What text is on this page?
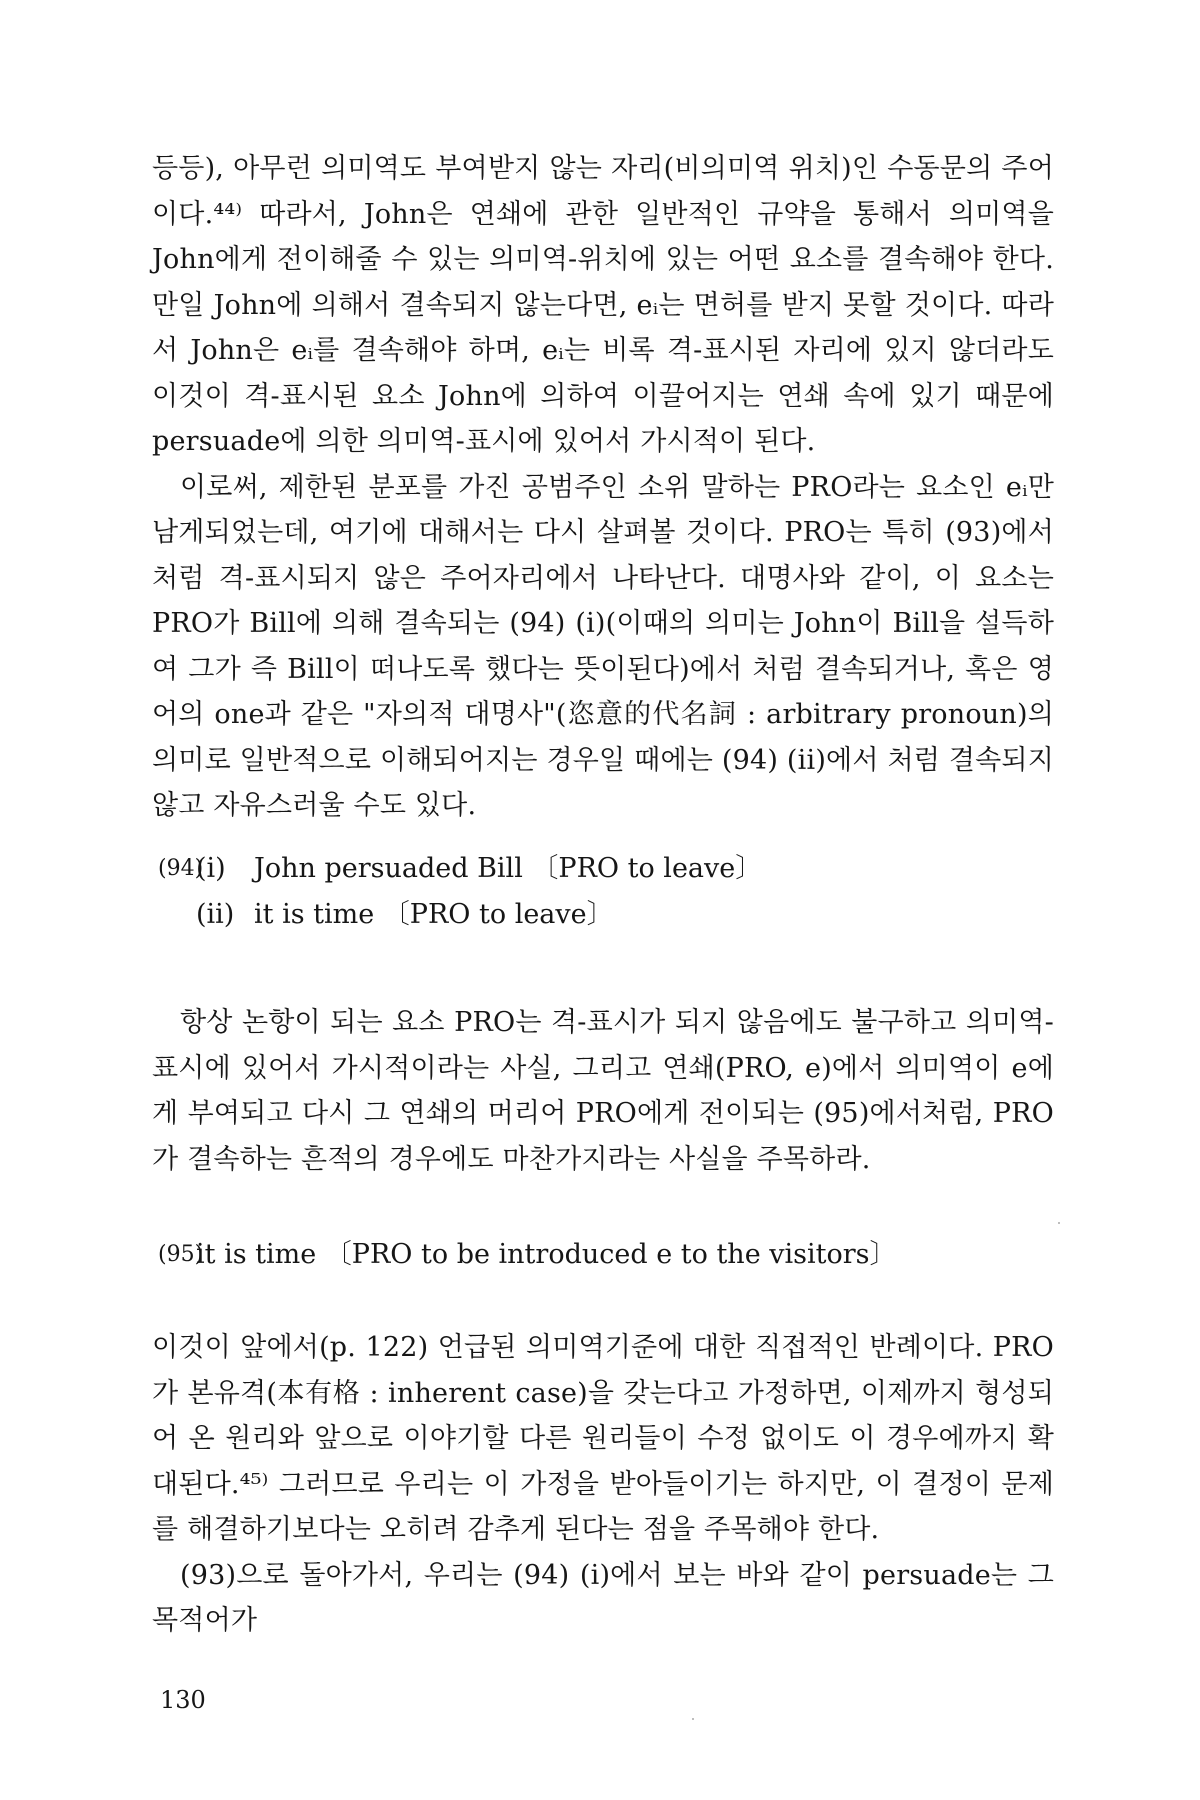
등등), 아무런 의미역도 부여받지 않는 자리(비의미역 위치)인 수동문의 주어이다.⁴⁴⁾ 따라서, John은 연쇄에 관한 일반적인 규약을 통해서 의미역을 John에게 전이해줄 수 있는 의미역-위치에 있는 어떤 요소를 결속해야 한다. 만일 John에 의해서 결속되지 않는다면, eᵢ는 면허를 받지 못할 것이다. 따라서 John은 eᵢ를 결속해야 하며, eᵢ는 비록 격-표시된 자리에 있지 않더라도 이것이 격-표시된 요소 John에 의하여 이끌어지는 연쇄 속에 있기 때문에 persuade에 의한 의미역-표시에 있어서 가시적이 된다.

이로써, 제한된 분포를 가진 공범주인 소위 말하는 PRO라는 요소인 eᵢ만 남게되었는데, 여기에 대해서는 다시 살펴볼 것이다. PRO는 특히 (93)에서처럼 격-표시되지 않은 주어자리에서 나타난다. 대명사와 같이, 이 요소는 PRO가 Bill에 의해 결속되는 (94) (i)(이때의 의미는 John이 Bill을 설득하여 그가 즉 Bill이 떠나도록 했다는 뜻이된다)에서 처럼 결속되거나, 혹은 영어의 one과 같은 "자의적 대명사"(恣意的代名詞 : arbitrary pronoun)의 의미로 일반적으로 이해되어지는 경우일 때에는 (94) (ii)에서 처럼 결속되지 않고 자유스러울 수도 있다.

(94)
(i)	John persuaded Bill 〔PRO to leave〕
(ii) it is time 〔PRO to leave〕

항상 논항이 되는 요소 PRO는 격-표시가 되지 않음에도 불구하고 의미역-표시에 있어서 가시적이라는 사실, 그리고 연쇄(PRO, e)에서 의미역이 e에게 부여되고 다시 그 연쇄의 머리어 PRO에게 전이되는 (95)에서처럼, PRO가 결속하는 흔적의 경우에도 마찬가지라는 사실을 주목하라.

(95)
it is time 〔PRO to be introduced e to the visitors〕

이것이 앞에서(p. 122) 언급된 의미역기준에 대한 직접적인 반례이다. PRO가 본유격(本有格 : inherent case)을 갖는다고 가정하면, 이제까지 형성되어 온 원리와 앞으로 이야기할 다른 원리들이 수정 없이도 이 경우에까지 확대된다.⁴⁵⁾ 그러므로 우리는 이 가정을 받아들이기는 하지만, 이 결정이 문제를 해결하기보다는 오히려 감추게 된다는 점을 주목해야 한다.

(93)으로 돌아가서, 우리는 (94) (i)에서 보는 바와 같이 persuade는 그 목적어가

130
